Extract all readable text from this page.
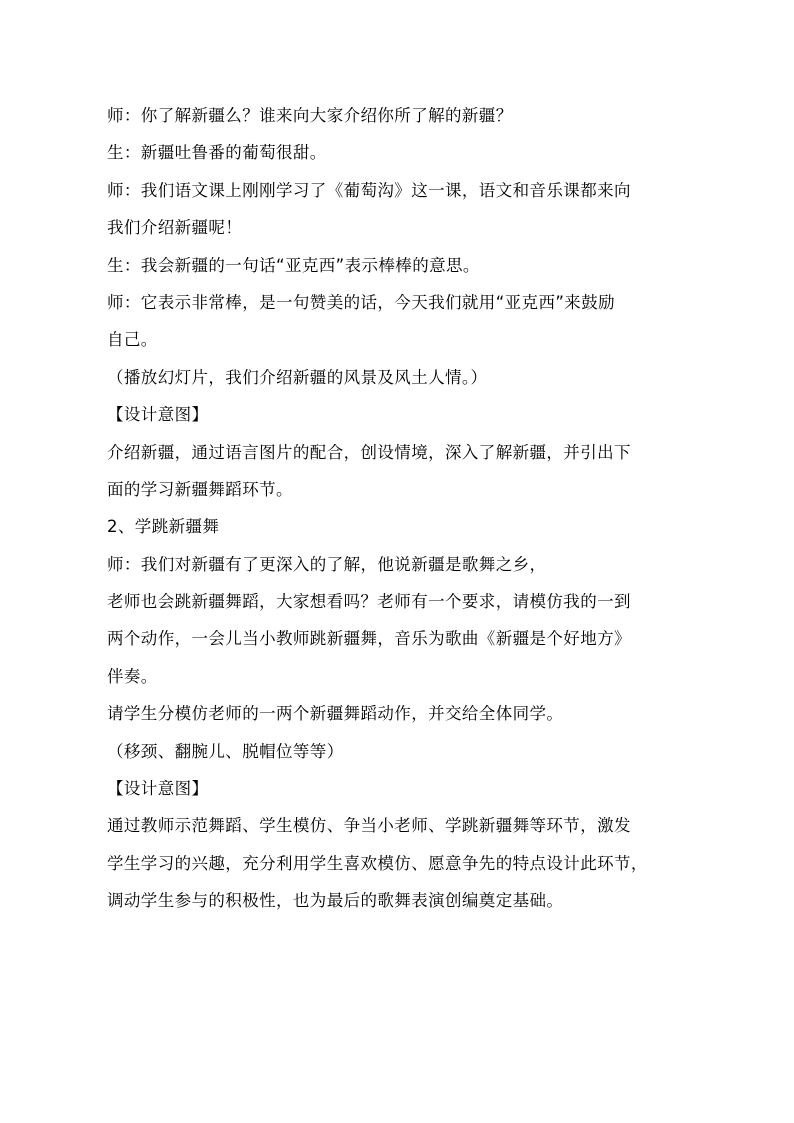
师：你了解新疆么？谁来向大家介绍你所了解的新疆？
生：新疆吐鲁番的葡萄很甜。
师：我们语文课上刚刚学习了《葡萄沟》这一课，语文和音乐课都来向
我们介绍新疆呢！
生：我会新疆的一句话“亚克西”表示棒棒的意思。
师：它表示非常棒，是一句赞美的话，今天我们就用“亚克西”来鼓励
自己。
（播放幻灯片，我们介绍新疆的风景及风土人情。）
【设计意图】
介绍新疆，通过语言图片的配合，创设情境，深入了解新疆，并引出下
面的学习新疆舞蹈环节。
2、学跳新疆舞
师：我们对新疆有了更深入的了解，他说新疆是歌舞之乡，
老师也会跳新疆舞蹈，大家想看吗？老师有一个要求，请模仿我的一到
两个动作，一会儿当小教师跳新疆舞，音乐为歌曲《新疆是个好地方》
伴奏。
请学生分模仿老师的一两个新疆舞蹈动作，并交给全体同学。
（移颈、翻腕儿、脱帽位等等）
【设计意图】
通过教师示范舞蹈、学生模仿、争当小老师、学跳新疆舞等环节，激发
学生学习的兴趣，充分利用学生喜欢模仿、愿意争先的特点设计此环节，
调动学生参与的积极性，也为最后的歌舞表演创编奠定基础。
